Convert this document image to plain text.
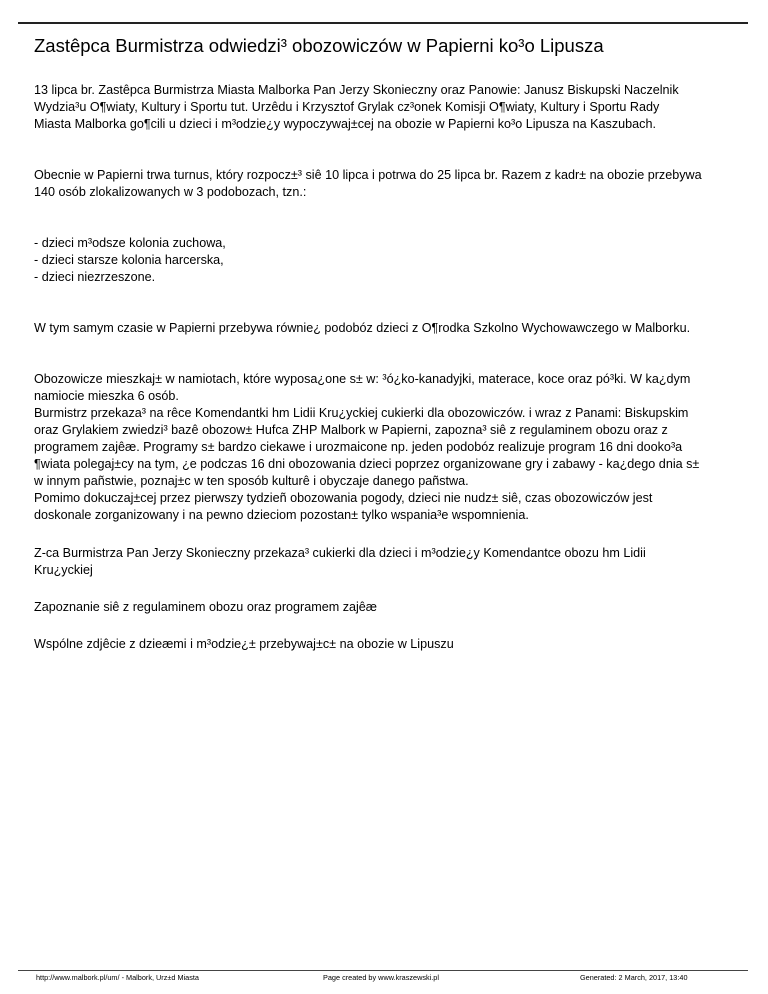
Zastêpca Burmistrza odwiedzi³ obozowiczów w Papierni ko³o Lipusza

13 lipca br. Zastêpca Burmistrza Miasta Malborka Pan Jerzy Skonieczny oraz Panowie: Janusz Biskupski Naczelnik
Wydzia³u O¶wiaty, Kultury i Sportu tut. Urzêdu i Krzysztof Grylak cz³onek Komisji O¶wiaty, Kultury i Sportu Rady
Miasta Malborka go¶cili u dzieci i m³odzie¿y wypoczywaj±cej na obozie w Papierni ko³o Lipusza na Kaszubach.

Obecnie w Papierni trwa turnus, który rozpocz±³ siê 10 lipca i potrwa do 25 lipca br. Razem z kadr± na obozie przebywa
140 osób zlokalizowanych w 3 podobozach, tzn.:

- dzieci m³odsze kolonia zuchowa,
- dzieci starsze kolonia harcerska,
- dzieci niezrzeszone.

W tym samym czasie w Papierni przebywa równie¿ podobóz dzieci z O¶rodka Szkolno Wychowawczego w Malborku.

Obozowicze mieszkaj± w namiotach, które wyposa¿one s± w: ³ó¿ko-kanadyjki, materace, koce oraz pó³ki. W ka¿dym
namiocie mieszka 6 osób.
Burmistrz przekaza³ na rêce Komendantki hm Lidii Kru¿yckiej cukierki dla obozowiczów. i wraz z Panami: Biskupskim
oraz Grylakiem zwiedzi³ bazê obozow± Hufca ZHP Malbork w Papierni, zapozna³ siê z regulaminem obozu oraz z
programem zajêæ. Programy s± bardzo ciekawe i urozmaicone np. jeden podobóz realizuje program 16 dni dooko³a
¶wiata polegaj±cy na tym, ¿e podczas 16 dni obozowania dzieci poprzez organizowane gry i zabawy - ka¿dego dnia s±
w innym pañstwie, poznaj±c w ten sposób kulturê i obyczaje danego pañstwa.
Pomimo dokuczaj±cej przez pierwszy tydzieñ obozowania pogody, dzieci nie nudz± siê, czas obozowiczów jest
doskonale zorganizowany i na pewno dzieciom pozostan± tylko wspania³e wspomnienia.

Z-ca Burmistrza Pan Jerzy Skonieczny przekaza³ cukierki dla dzieci i m³odzie¿y Komendantce obozu hm Lidii
Kru¿yckiej

Zapoznanie siê z regulaminem obozu oraz programem zajêæ

Wspólne zdjêcie z dzieæmi i m³odzie¿± przebywaj±c± na obozie w Lipuszu

http://www.malbork.pl/um/ - Malbork, Urz±d Miasta	Page created by www.kraszewski.pl	Generated: 2 March, 2017, 13:40
